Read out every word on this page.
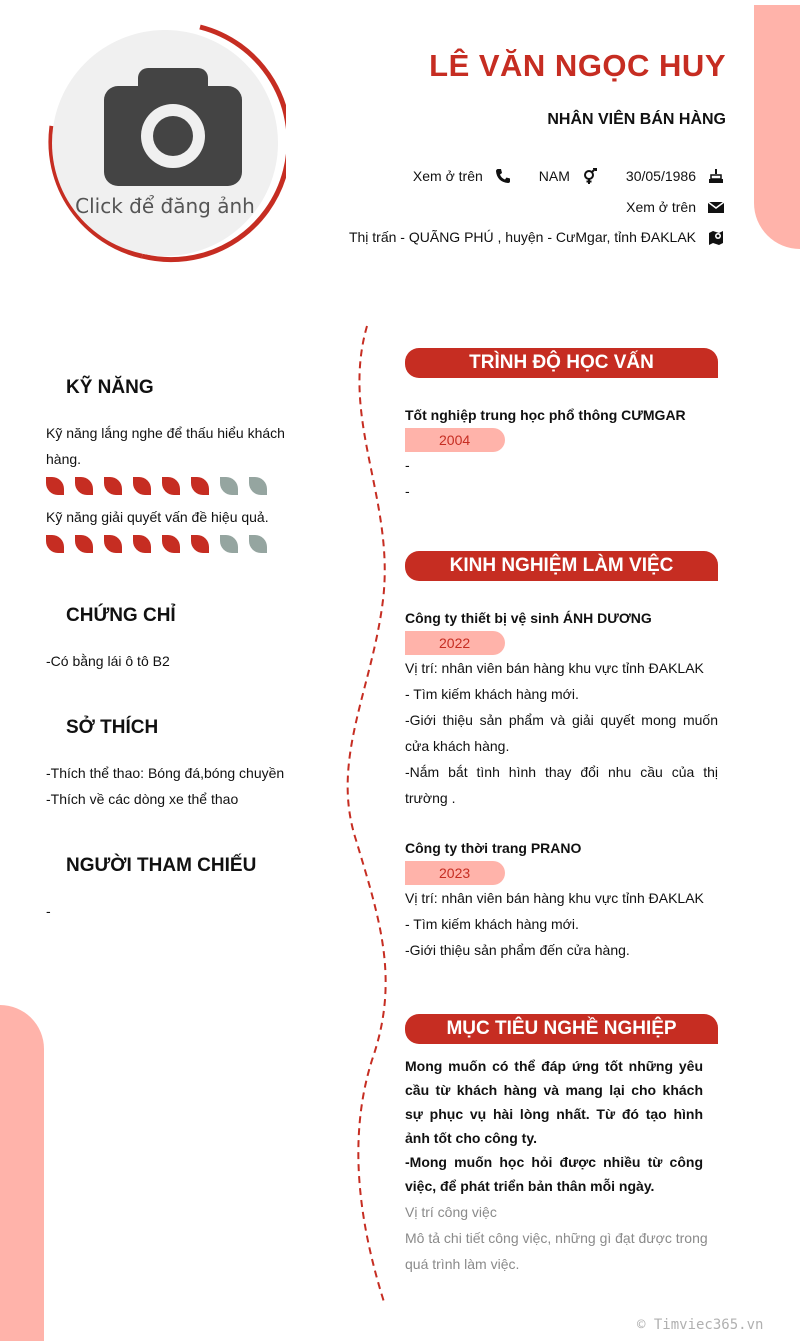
Click để đăng ảnh
LÊ VĂN NGỌC HUY
NHÂN VIÊN BÁN HÀNG
Xem ở trên	NAM	30/05/1986
Xem ở trên
Thị trấn - QUÃNG PHÚ , huyện - CưMgar, tỉnh ĐAKLAK
KỸ NĂNG
Kỹ năng lắng nghe để thấu hiểu khách hàng.
Kỹ năng giải quyết vấn đề hiệu quả.
CHỨNG CHỈ
-Có bằng lái ô tô B2
SỞ THÍCH
-Thích thể thao: Bóng đá,bóng chuyền
-Thích về các dòng xe thể thao
NGƯỜI THAM CHIẾU
-
TRÌNH ĐỘ HỌC VẤN
Tốt nghiệp trung học phổ thông CƯMGAR
2004
-
-
KINH NGHIỆM LÀM VIỆC
Công ty thiết bị vệ sinh ÁNH DƯƠNG
2022
Vị trí: nhân viên bán hàng khu vực tỉnh ĐAKLAK
- Tìm kiếm khách hàng mới.
-Giới thiệu sản phẩm và giải quyết mong muốn cửa khách hàng.
-Nắm bắt tình hình thay đổi nhu cầu của thị trường .
Công ty thời trang PRANO
2023
Vị trí: nhân viên bán hàng khu vực tỉnh ĐAKLAK
- Tìm kiếm khách hàng mới.
-Giới thiệu sản phẩm đến cửa hàng.
MỤC TIÊU NGHỀ NGHIỆP
Mong muốn có thể đáp ứng tốt những yêu cầu từ khách hàng và mang lại cho khách sự phục vụ hài lòng nhất. Từ đó tạo hình ảnh tốt cho công ty.
-Mong muốn học hỏi được nhiều từ công việc, để phát triển bản thân mỗi ngày.
Vị trí công việc
Mô tả chi tiết công việc, những gì đạt được trong quá trình làm việc.
© Timviec365.vn
